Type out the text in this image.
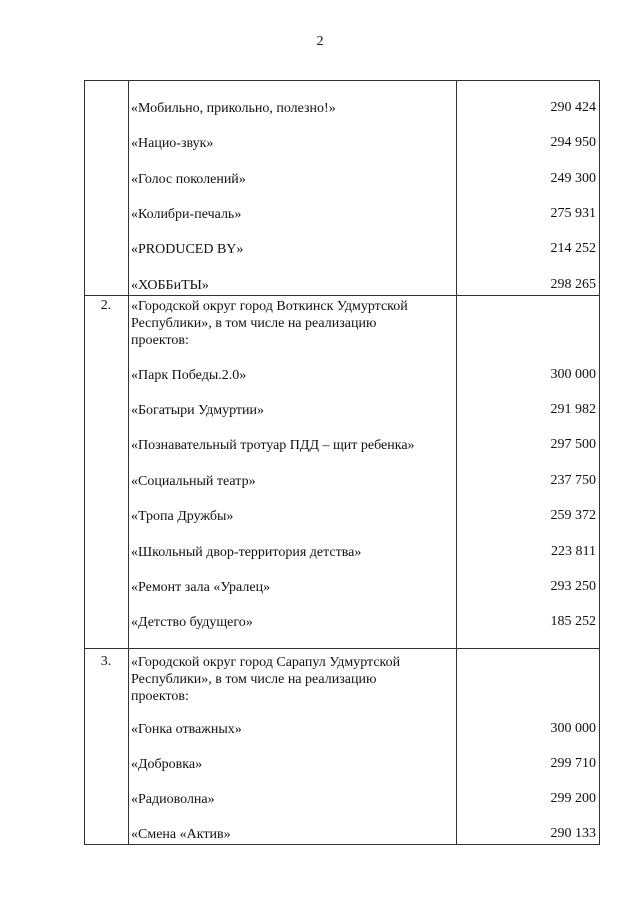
2
«Мобильно, прикольно, полезно!»	290 424
«Нацио-звук»	294 950
«Голос поколений»	249 300
«Колибри-печаль»	275 931
«PRODUCED BY»	214 252
«ХОББиТЫ»	298 265
2.	«Городской округ город Воткинск Удмуртской
Республики», в том числе на реализацию
проектов:
«Парк Победы.2.0»	300 000
«Богатыри Удмуртии»	291 982
«Познавательный тротуар ПДД – щит ребенка»	297 500
«Социальный театр»	237 750
«Тропа Дружбы»	259 372
«Школьный двор-территория детства»	223 811
«Ремонт зала «Уралец»	293 250
«Детство будущего»	185 252
3.	«Городской округ город Сарапул Удмуртской
Республики», в том числе на реализацию
проектов:
«Гонка отважных»	300 000
«Добровка»	299 710
«Радиоволна»	299 200
«Смена «Актив»	290 133
